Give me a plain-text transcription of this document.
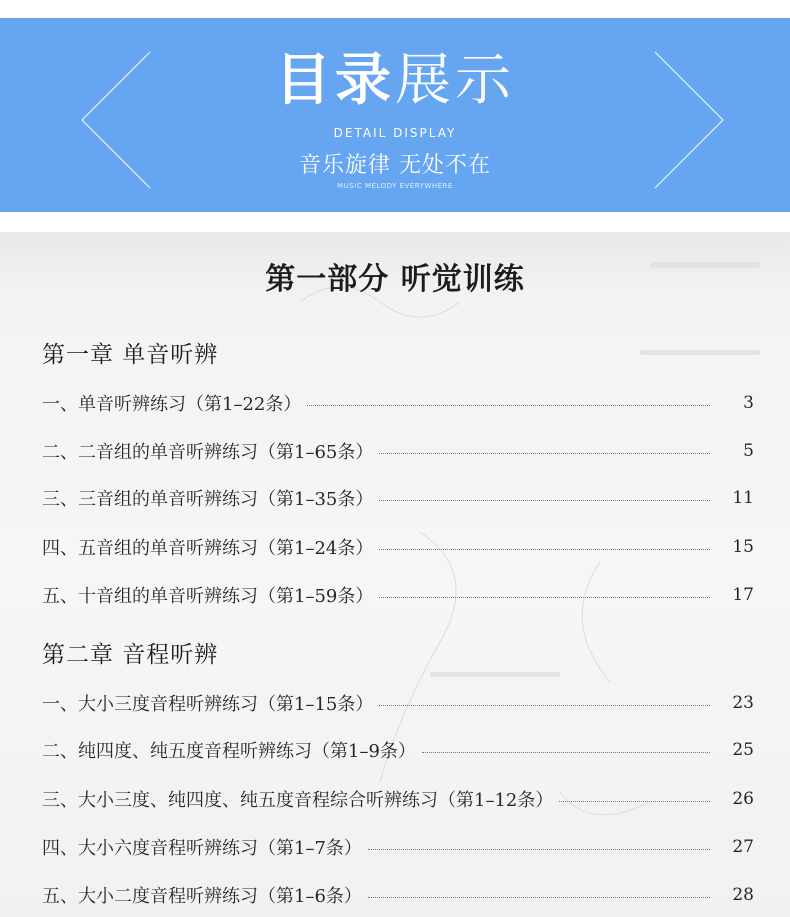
目录展示
DETAIL DISPLAY
音乐旋律 无处不在
MUSIC MELODY EVERYWHERE
第一部分 听觉训练
第一章 单音听辨
一、单音听辨练习（第1–22条）	3
二、二音组的单音听辨练习（第1–65条）	5
三、三音组的单音听辨练习（第1–35条）	11
四、五音组的单音听辨练习（第1–24条）	15
五、十音组的单音听辨练习（第1–59条）	17
第二章 音程听辨
一、大小三度音程听辨练习（第1–15条）	23
二、纯四度、纯五度音程听辨练习（第1–9条）	25
三、大小三度、纯四度、纯五度音程综合听辨练习（第1–12条）	26
四、大小六度音程听辨练习（第1–7条）	27
五、大小二度音程听辨练习（第1–6条）	28
